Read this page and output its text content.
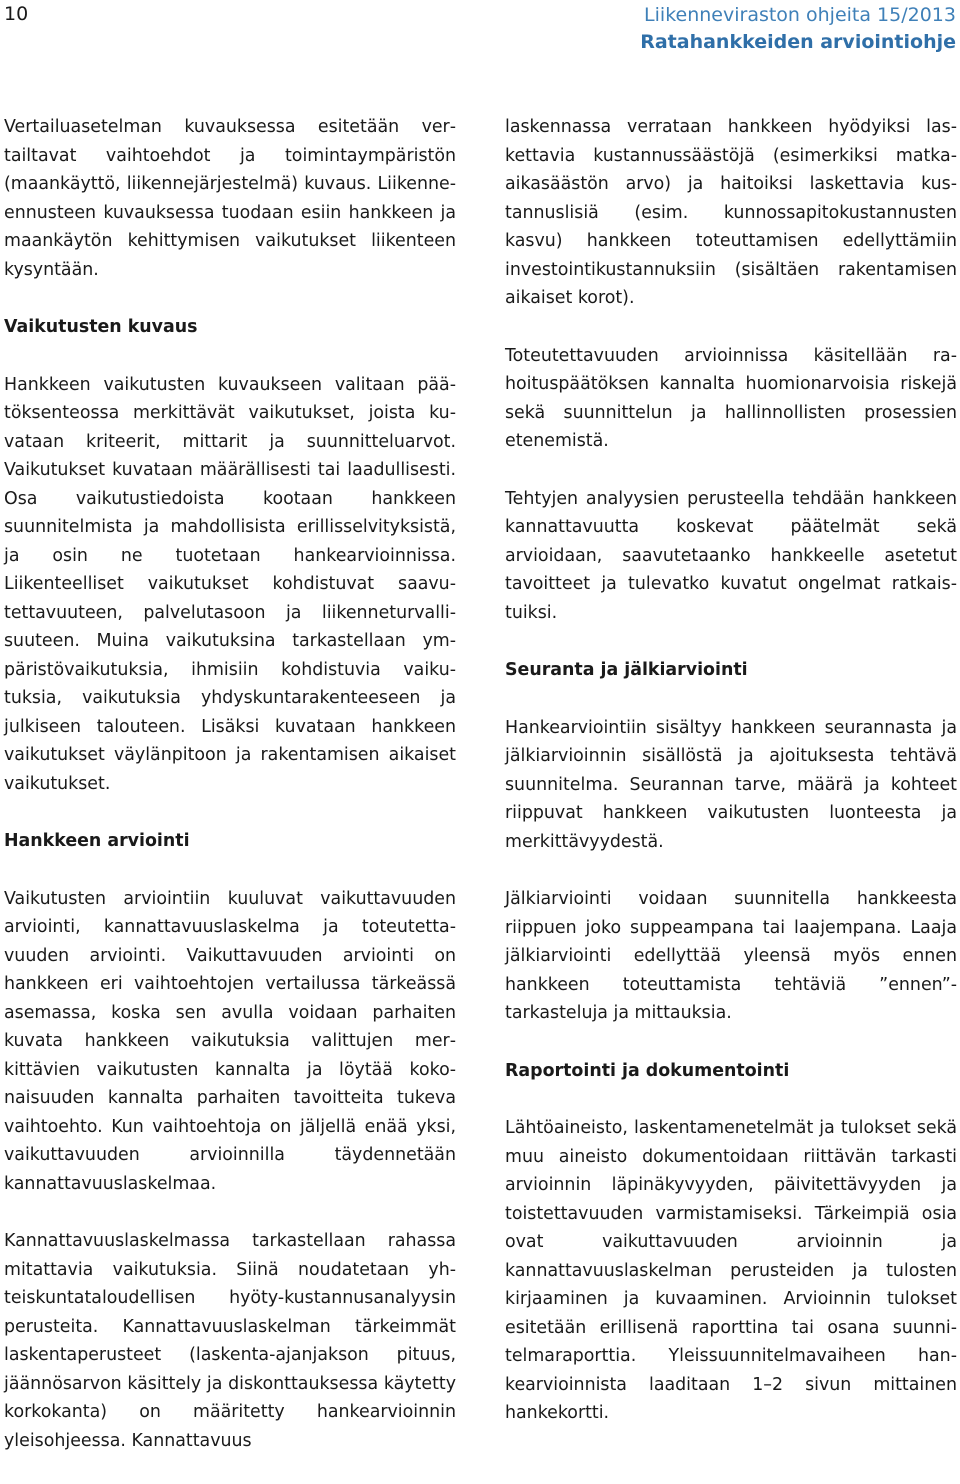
10	Liikenneviraston ohjeita 15/2013
Ratahankkeiden arviointiohje

Vertailuasetelman kuvauksessa esitetään vertailtavat vaihtoehdot ja toimintaympäristön (maankäyttö, liikennejärjestelmä) kuvaus. Liikenne-ennusteen kuvauksessa tuodaan esiin hankkeen ja maankäytön kehittymisen vaikutukset liikenteen kysyntään.

Vaikutusten kuvaus

Hankkeen vaikutusten kuvaukseen valitaan päätöksenteossa merkittävät vaikutukset, joista kuvataan kriteerit, mittarit ja suunnitteluarvot. Vaikutukset kuvataan määrällisesti tai laadullisesti. Osa vaikutustiedoista kootaan hankkeen suunnitelmista ja mahdollisista erillisselvityksistä, ja osin ne tuotetaan hankearvioinnissa. Liikenteelliset vaikutukset kohdistuvat saavutettavuuteen, palvelutasoon ja liikenneturvallisuuteen. Muina vaikutuksina tarkastellaan ympäristövaikutuksia, ihmisiin kohdistuvia vaikutuksia, vaikutuksia yhdyskuntarakenteeseen ja julkiseen talouteen. Lisäksi kuvataan hankkeen vaikutukset väylänpitoon ja rakentamisen aikaiset vaikutukset.

Hankkeen arviointi

Vaikutusten arviointiin kuuluvat vaikuttavuuden arviointi, kannattavuuslaskelma ja toteutettavuuden arviointi. Vaikuttavuuden arviointi on hankkeen eri vaihtoehtojen vertailussa tärkeässä asemassa, koska sen avulla voidaan parhaiten kuvata hankkeen vaikutuksia valittujen merkittävien vaikutusten kannalta ja löytää kokonaisuuden kannalta parhaiten tavoitteita tukeva vaihtoehto. Kun vaihtoehtoja on jäljellä enää yksi, vaikuttavuuden arvioinnilla täydennetään kannattavuuslaskelmaa.

Kannattavuuslaskelmassa tarkastellaan rahassa mitattavia vaikutuksia. Siinä noudatetaan yhteiskuntataloudellisen hyöty-kustannusanalyysin perusteita. Kannattavuuslaskelman tärkeimmät laskentaperusteet (laskenta-ajanjakson pituus, jäännösarvon käsittely ja diskonttauksessa käytetty korkokanta) on määritetty hankearvioinnin yleisohjeessa. Kannattavuus

laskennassa verrataan hankkeen hyödyiksi laskettavia kustannussäästöjä (esimerkiksi matkaaikasäästön arvo) ja haitoiksi laskettavia kustannuslisiä (esim. kunnossapitokustannusten kasvu) hankkeen toteuttamisen edellyttämiin investointikustannuksiin (sisältäen rakentamisen aikaiset korot).

Toteutettavuuden arvioinnissa käsitellään rahoituspäätöksen kannalta huomionarvoisia riskejä sekä suunnittelun ja hallinnollisten prosessien etenemistä.

Tehtyjen analyysien perusteella tehdään hankkeen kannattavuutta koskevat päätelmät sekä arvioidaan, saavutetaanko hankkeelle asetetut tavoitteet ja tulevatko kuvatut ongelmat ratkaistuiksi.

Seuranta ja jälkiarviointi

Hankearviointiin sisältyy hankkeen seurannasta ja jälkiarvioinnin sisällöstä ja ajoituksesta tehtävä suunnitelma. Seurannan tarve, määrä ja kohteet riippuvat hankkeen vaikutusten luonteesta ja merkittävyydestä.

Jälkiarviointi voidaan suunnitella hankkeesta riippuen joko suppeampana tai laajempana. Laaja jälkiarviointi edellyttää yleensä myös ennen hankkeen toteuttamista tehtäviä ”ennen”-tarkasteluja ja mittauksia.

Raportointi ja dokumentointi

Lähtöaineisto, laskentamenetelmät ja tulokset sekä muu aineisto dokumentoidaan riittävän tarkasti arvioinnin läpinäkyvyyden, päivitettävyyden ja toistettavuuden varmistamiseksi. Tärkeimpiä osia ovat vaikuttavuuden arvioinnin ja kannattavuuslaskelman perusteiden ja tulosten kirjaaminen ja kuvaaminen. Arvioinnin tulokset esitetään erillisenä raporttina tai osana suunnitelmaraporttia. Yleissuunnitelmavaiheen hankearvioinnista laaditaan 1–2 sivun mittainen hankekortti.
